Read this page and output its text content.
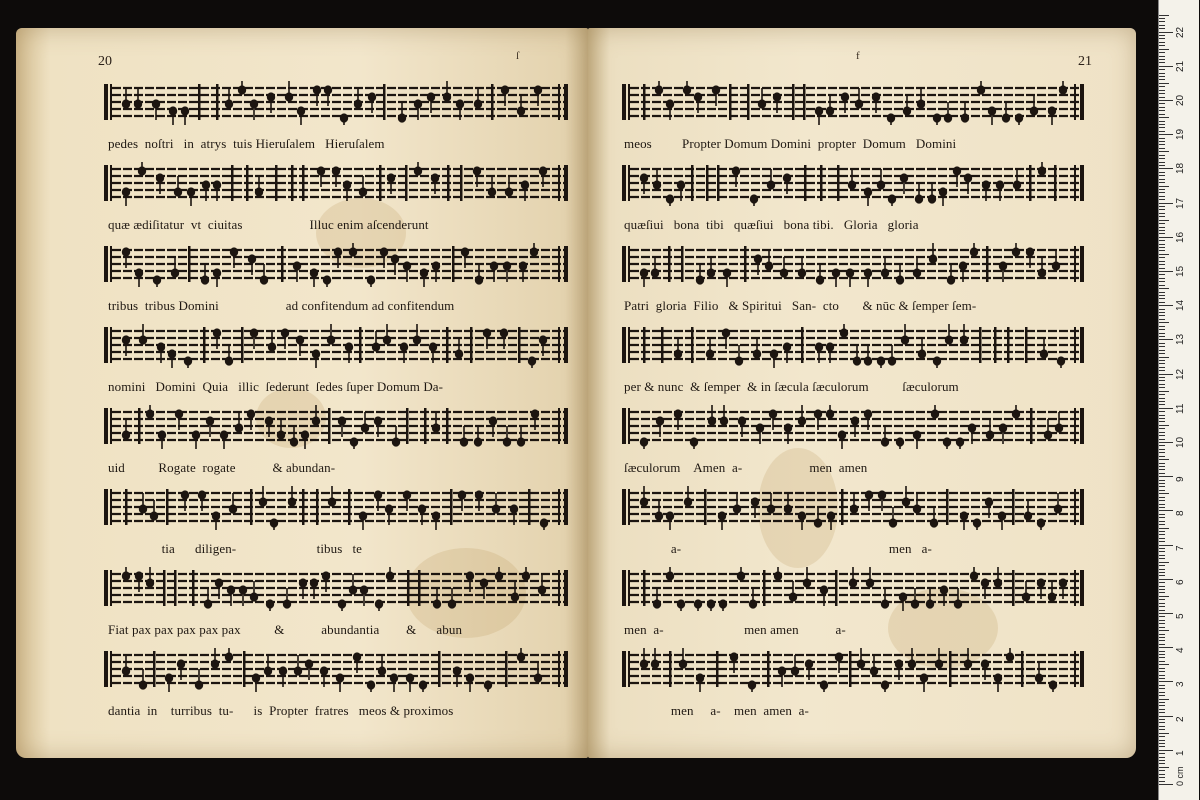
20	ſ
pedes  noſtri   in  atrys  tuis Hieruſalem   Hieruſalem
quæ ædiſitatur  vt  ciuitas                    Illuc enim aſcenderunt
tribus  tribus Domini                    ad confitendum ad confitendum
nomini   Domini  Quia   illic  ſederunt  ſedes ſuper Domum Da-
uid          Rogate  rogate           & abundan-
tia      diligen-                        tibus   te
Fiat pax pax pax pax pax          &           abundantia        &      abun
dantia  in    turribus  tu-      is  Propter  fratres   meos & proximos
21
f
meos         Propter Domum Domini  propter  Domum   Domini
quæſiui   bona  tibi   quæſiui   bona tibi.   Gloria   gloria
Patri  gloria  Filio   & Spiritui   San-  cto       & nūc & ſemper ſem-
per & nunc  & ſemper  & in ſæcula ſæculorum          ſæculorum
ſæculorum    Amen  a-                    men  amen
a-                                                              men   a-
men  a-                        men amen           a-
men     a-    men  amen  a-
0 cm
1
2
3
4
5
6
7
8
9
10
11
12
13
14
15
16
17
18
19
20
21
22
